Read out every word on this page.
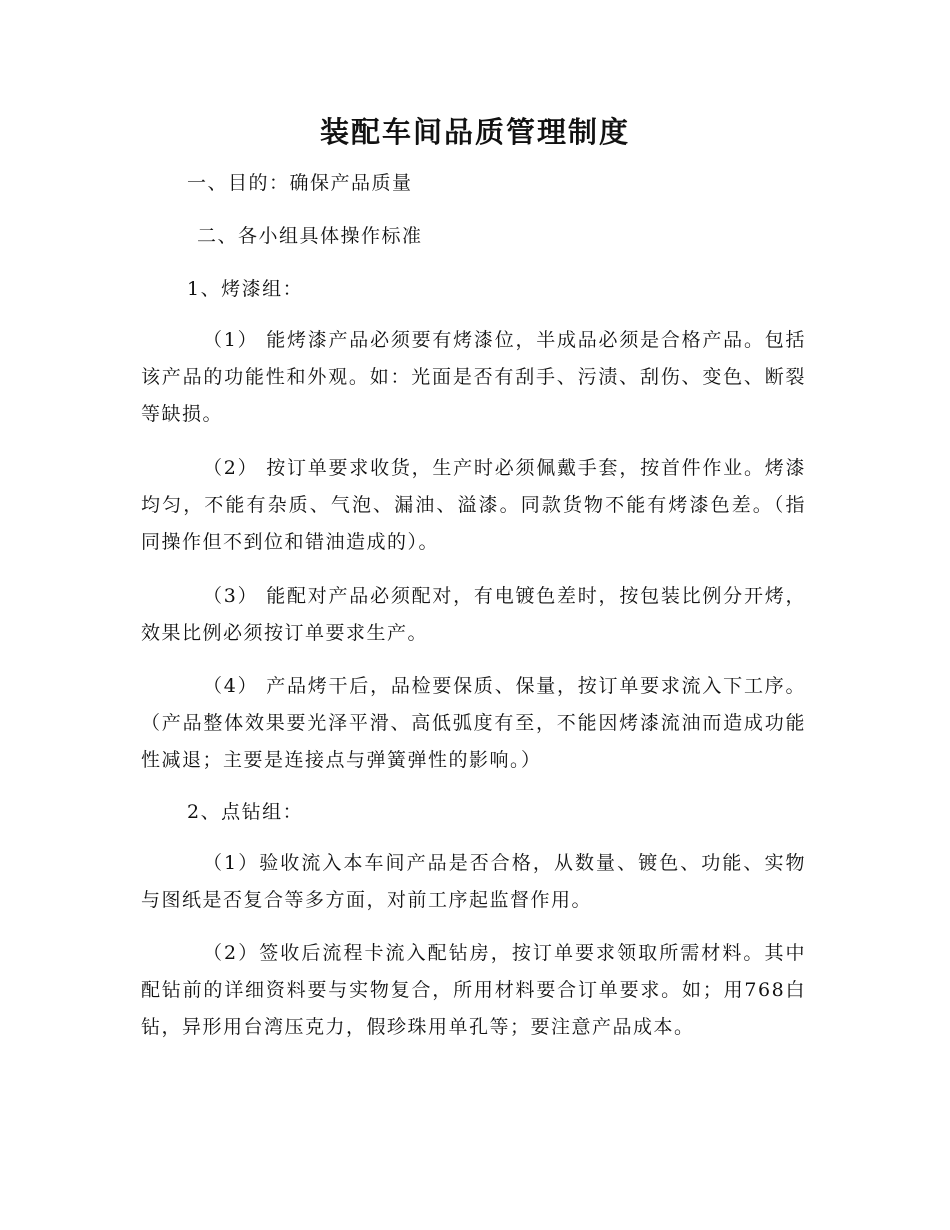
装配车间品质管理制度

一、目的：确保产品质量

二、各小组具体操作标准

1、烤漆组：

（1） 能烤漆产品必须要有烤漆位，半成品必须是合格产品。包括该产品的功能性和外观。如：光面是否有刮手、污渍、刮伤、变色、断裂等缺损。

（2） 按订单要求收货，生产时必须佩戴手套，按首件作业。烤漆均匀，不能有杂质、气泡、漏油、溢漆。同款货物不能有烤漆色差。（指同操作但不到位和错油造成的）。

（3） 能配对产品必须配对，有电镀色差时，按包装比例分开烤，效果比例必须按订单要求生产。

（4） 产品烤干后，品检要保质、保量，按订单要求流入下工序。（产品整体效果要光泽平滑、高低弧度有至，不能因烤漆流油而造成功能性减退；主要是连接点与弹簧弹性的影响。）

2、点钻组：

（1）验收流入本车间产品是否合格，从数量、镀色、功能、实物与图纸是否复合等多方面，对前工序起监督作用。

（2）签收后流程卡流入配钻房，按订单要求领取所需材料。其中配钻前的详细资料要与实物复合，所用材料要合订单要求。如；用768白钻，异形用台湾压克力，假珍珠用单孔等；要注意产品成本。
